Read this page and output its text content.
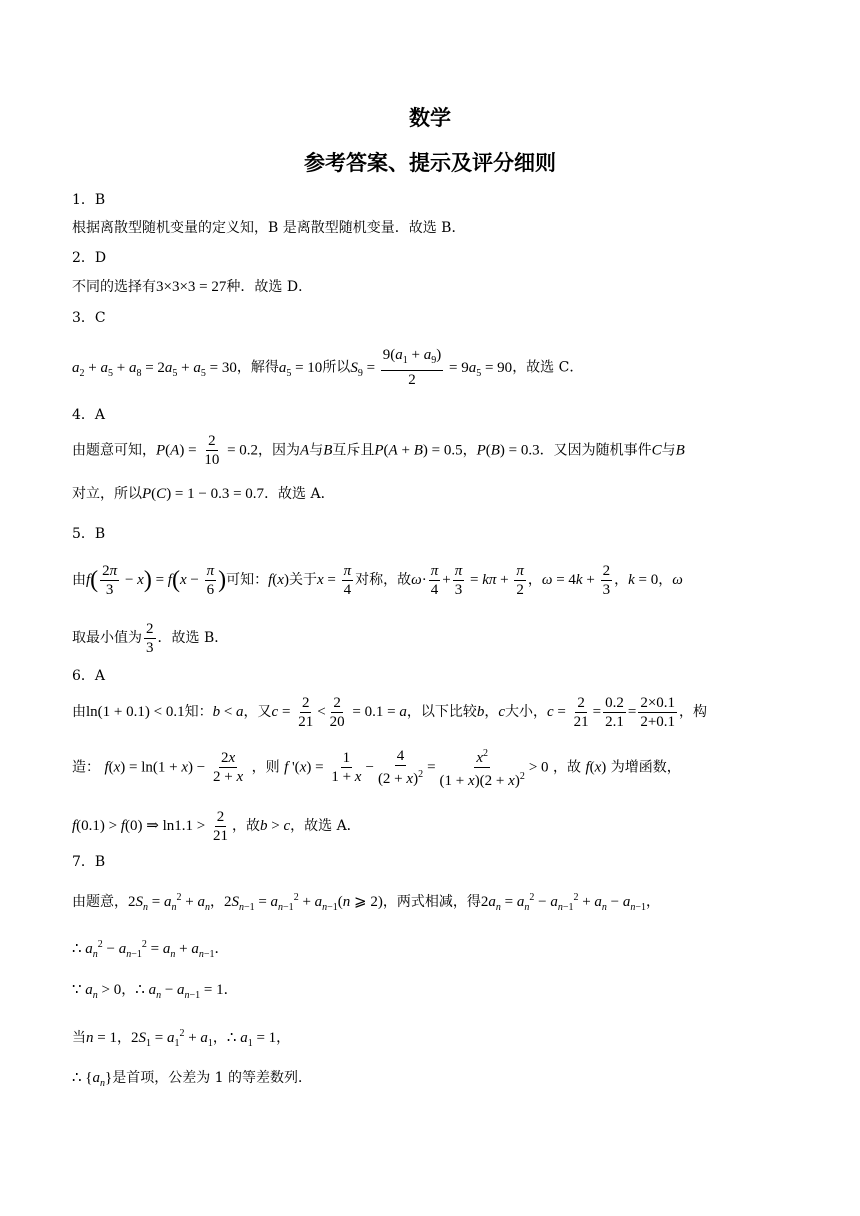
数学
参考答案、提示及评分细则
1．B
根据离散型随机变量的定义知，B 是离散型随机变量．故选 B．
2．D
不同的选择有3×3×3 = 27种．故选 D．
3．C
$a_2 + a_5 + a_8 = 2a_5 + a_5 = 30$，解得$a_5 = 10$所以$S_9 = \frac{9(a_1 + a_9)}{2} = 9a_5 = 90$，故选 C．
4．A
由题意可知，$P(A) = \frac{2}{10} = 0.2$，因为A与B互斥且P(A + B) = 0.5，P(B) = 0.3．又因为随机事件C与B
对立，所以P(C) = 1 − 0.3 = 0.7．故选 A．
5．B
由$f( \frac{2\pi}{3} - x) = f(x - \frac{\pi}{6}$ )可知：f(x)关于$x = \frac{\pi}{4}$ 对称，故$\omega\cdot \frac{\pi}{4} + \frac{\pi}{3} = k\pi + \frac{\pi}{2}$ ，$\omega = 4k + \frac{2}{3}$ ，k = 0，ω
取最小值为 $\frac{2}{3}$ ．故选 B．
6．A
由ln(1 + 0.1) < 0.1知：b < a，又$c = \frac{2}{21} < \frac{2}{20} = 0.1 = a$，以下比较b，c大小，$c = \frac{2}{21} = \frac{0.2}{2.1} = \frac{2\times 0.1}{2+0.1}$ ，构
造： $f(x) = \ln(1 + x) - \frac{2x}{2 + x}$ ，则 f '$(x) = \frac{1}{1 + x} - \frac{4}{(2 + x)^2} = \frac{x^2}{(1 + x)(2 + x)^2} > 0$ ，故 f(x) 为增函数，
f(0.1) > f(0) ⇒ $\ln 1.1 > \frac{2}{21}$ ，故b > c，故选 A．
7．B
由题意，$2S_n = a_n^2 + a_n$，$2S_{n-1} = a_{n-1}^2 + a_{n-1}(n$ ⩾ 2)，两式相减，得$2a_n = a_n^2 - a_{n-1}^2 + a_n - a_{n-1}$，
∴ $a_n^2 - a_{n-1}^2 = a_n + a_{n-1}$．
∵ $a_n > 0$，∴ $a_n - a_{n-1} = 1$．
当n = 1，$2S_1 = a_1^2 + a_1$，∴ $a_1 = 1$，
∴ $\{a_n\}$是首项，公差为 1 的等差数列．
